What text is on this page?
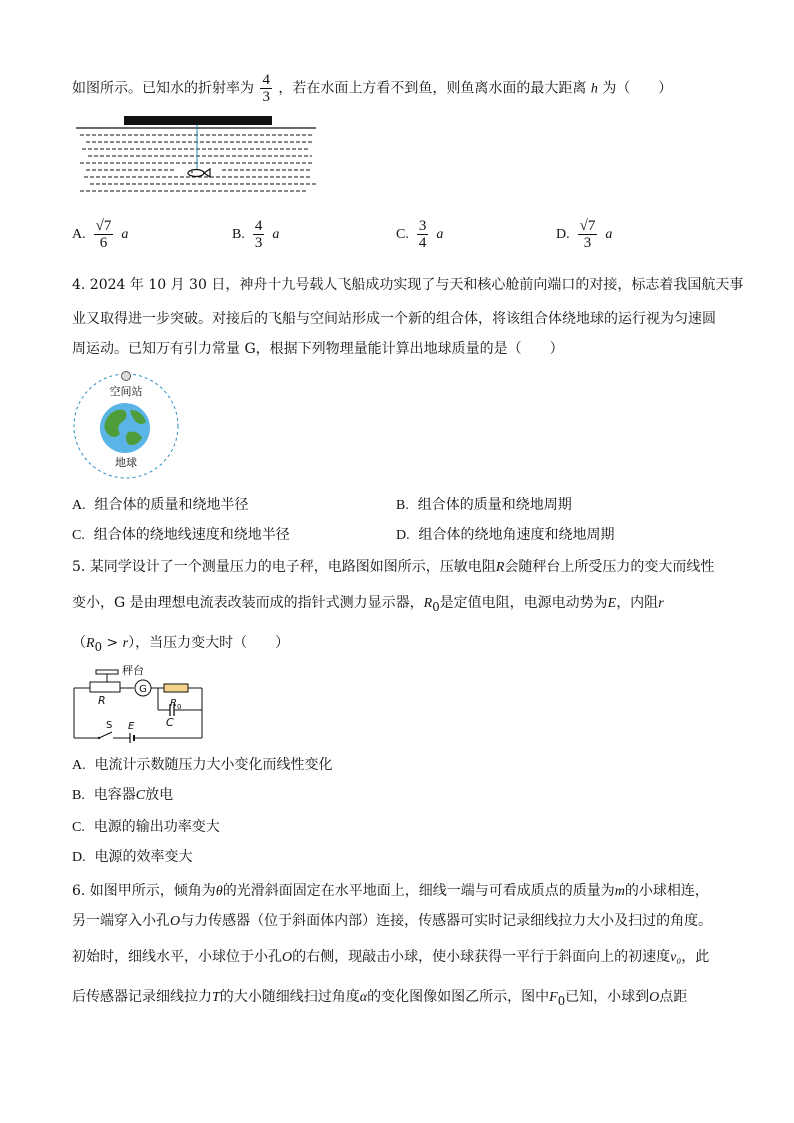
如图所示。已知水的折射率为 $\frac{4}{3}$ ，若在水面上方看不到鱼，则鱼离水面的最大距离 h 为（　　）
A. $\frac{√7}{6}$ a	B. $\frac{4}{3}$ a	C. $\frac{3}{4}$ a	D. $\frac{√7}{3}$ a
4. 2024 年 10 月 30 日，神舟十九号载人飞船成功实现了与天和核心舱前向端口的对接，标志着我国航天事
业又取得进一步突破。对接后的飞船与空间站形成一个新的组合体，将该组合体绕地球的运行视为匀速圆
周运动。已知万有引力常量 G，根据下列物理量能计算出地球质量的是（　　）
空间站
地球
A. 组合体的质量和绕地半径	B. 组合体的质量和绕地周期
C. 组合体的绕地线速度和绕地半径	D. 组合体的绕地角速度和绕地周期
5. 某同学设计了一个测量压力的电子秤，电路图如图所示，压敏电阻R会随秤台上所受压力的变大而线性
变小，G 是由理想电流表改装而成的指针式测力显示器，$R_0$是定值电阻，电源电动势为E，内阻r
$(R_0 > r)$，当压力变大时（　　）
秤台
G
R	R 0
C
S E
A. 电流计示数随压力大小变化而线性变化
B. 电容器C放电
C. 电源的输出功率变大
D. 电源的效率变大
6. 如图甲所示，倾角为θ的光滑斜面固定在水平地面上，细线一端与可看成质点的质量为m的小球相连，
另一端穿入小孔O与力传感器（位于斜面体内部）连接，传感器可实时记录细线拉力大小及扫过的角度。
初始时，细线水平，小球位于小孔O的右侧，现敲击小球，使小球获得一平行于斜面向上的初速度v₀，此
后传感器记录细线拉力T的大小随细线扫过角度α的变化图像如图乙所示，图中$F_0$已知，小球到O点距
